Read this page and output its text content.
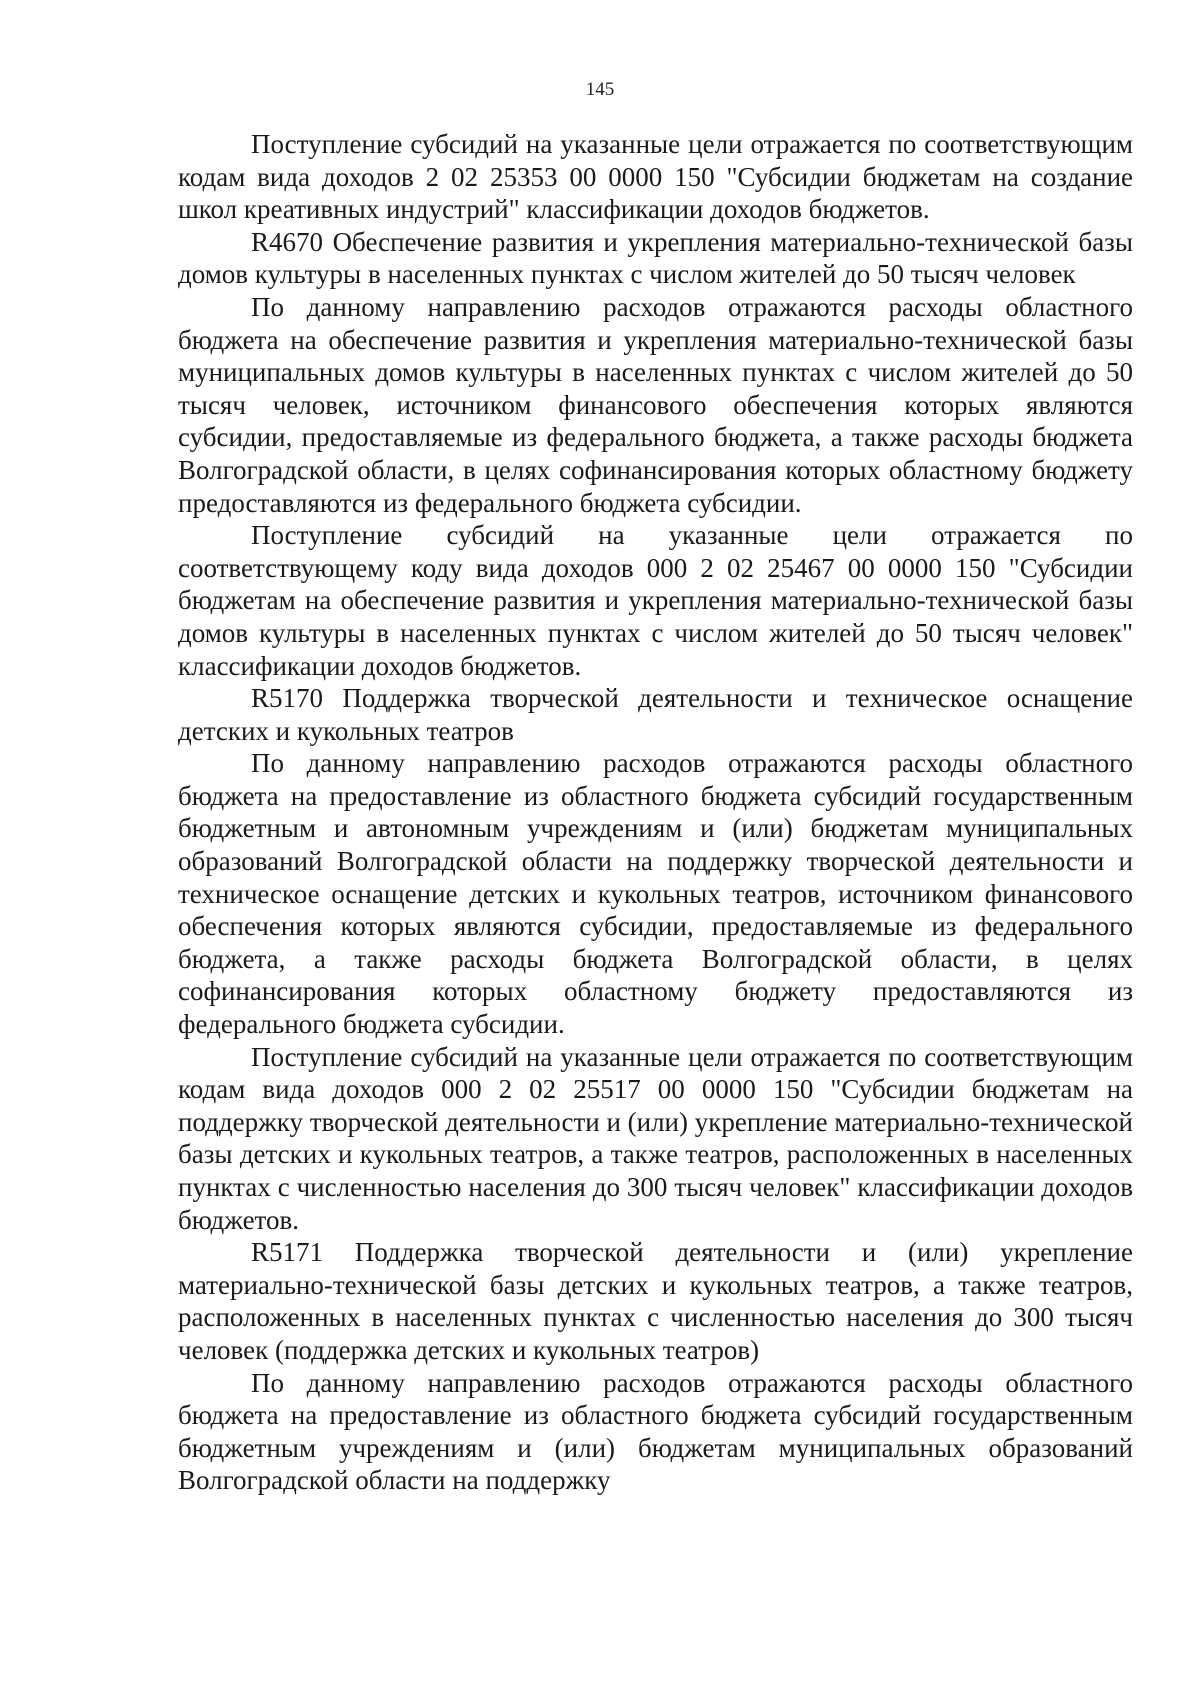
145

Поступление субсидий на указанные цели отражается по соответствующим кодам вида доходов 2 02 25353 00 0000 150 "Субсидии бюджетам на создание школ креативных индустрий" классификации доходов бюджетов.

R4670 Обеспечение развития и укрепления материально-технической базы домов культуры в населенных пунктах с числом жителей до 50 тысяч человек

По данному направлению расходов отражаются расходы областного бюджета на обеспечение развития и укрепления материально-технической базы муниципальных домов культуры в населенных пунктах с числом жителей до 50 тысяч человек, источником финансового обеспечения которых являются субсидии, предоставляемые из федерального бюджета, а также расходы бюджета Волгоградской области, в целях софинансирования которых областному бюджету предоставляются из федерального бюджета субсидии.

Поступление субсидий на указанные цели отражается по соответствующему коду вида доходов 000 2 02 25467 00 0000 150 "Субсидии бюджетам на обеспечение развития и укрепления материально-технической базы домов культуры в населенных пунктах с числом жителей до 50 тысяч человек" классификации доходов бюджетов.

R5170 Поддержка творческой деятельности и техническое оснащение детских и кукольных театров

По данному направлению расходов отражаются расходы областного бюджета на предоставление из областного бюджета субсидий государственным бюджетным и автономным учреждениям и (или) бюджетам муниципальных образований Волгоградской области на поддержку творческой деятельности и техническое оснащение детских и кукольных театров, источником финансового обеспечения которых являются субсидии, предоставляемые из федерального бюджета, а также расходы бюджета Волгоградской области, в целях софинансирования которых областному бюджету предоставляются из федерального бюджета субсидии.

Поступление субсидий на указанные цели отражается по соответствующим кодам вида доходов 000 2 02 25517 00 0000 150 "Субсидии бюджетам на поддержку творческой деятельности и (или) укрепление материально-технической базы детских и кукольных театров, а также театров, расположенных в населенных пунктах с численностью населения до 300 тысяч человек" классификации доходов бюджетов.

R5171 Поддержка творческой деятельности и (или) укрепление материально-технической базы детских и кукольных театров, а также театров, расположенных в населенных пунктах с численностью населения до 300 тысяч человек (поддержка детских и кукольных театров)

По данному направлению расходов отражаются расходы областного бюджета на предоставление из областного бюджета субсидий государственным бюджетным учреждениям и (или) бюджетам муниципальных образований Волгоградской области на поддержку
